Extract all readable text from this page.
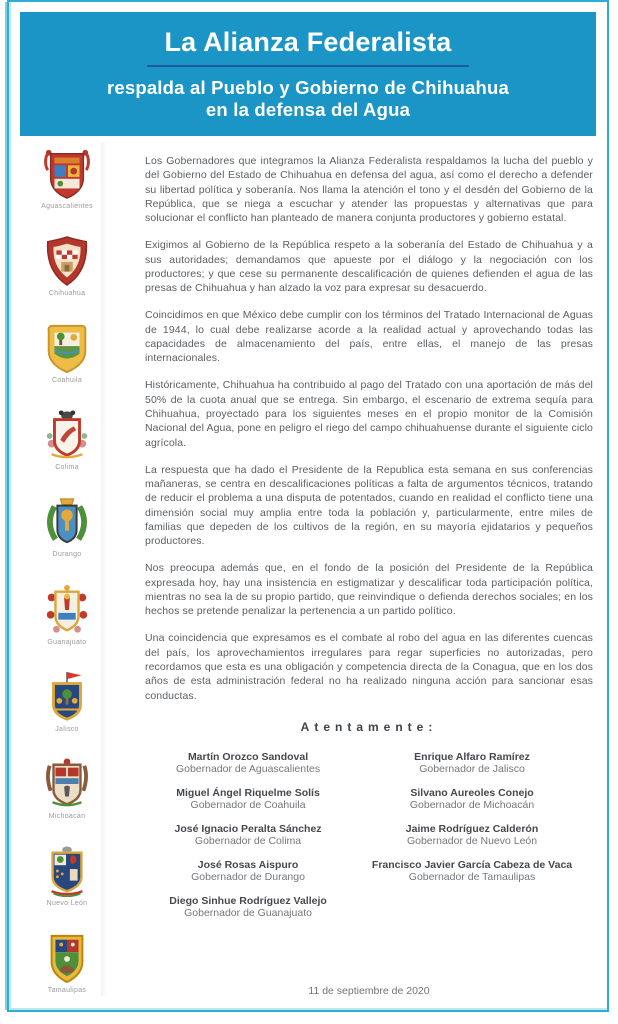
La Alianza Federalista
respalda al Pueblo y Gobierno de Chihuahua
en la defensa del Agua
Aguascalientes
Chihuahua
Coahuila
Colima
Durango
Guanajuato
Jalisco
Michoacán
Nuevo León
Tamaulipas

Los Gobernadores que integramos la Alianza Federalista respaldamos la lucha del pueblo y del Gobierno del Estado de Chihuahua en defensa del agua, así como el derecho a defender su libertad política y soberanía. Nos llama la atención el tono y el desdén del Gobierno de la República, que se niega a escuchar y atender las propuestas y alternativas que para solucionar el conflicto han planteado de manera conjunta productores y gobierno estatal.

Exigimos al Gobierno de la República respeto a la soberanía del Estado de Chihuahua y a sus autoridades; demandamos que apueste por el diálogo y la negociación con los productores; y que cese su permanente descalificación de quienes defienden el agua de las presas de Chihuahua y han alzado la voz para expresar su desacuerdo.

Coincidimos en que México debe cumplir con los términos del Tratado Internacional de Aguas de 1944, lo cual debe realizarse acorde a la realidad actual y aprovechando todas las capacidades de almacenamiento del país, entre ellas, el manejo de las presas internacionales.

Históricamente, Chihuahua ha contribuido al pago del Tratado con una aportación de más del 50% de la cuota anual que se entrega. Sin embargo, el escenario de extrema sequía para Chihuahua, proyectado para los siguientes meses en el propio monitor de la Comisión Nacional del Agua, pone en peligro el riego del campo chihuahuense durante el siguiente ciclo agrícola.

La respuesta que ha dado el Presidente de la Republica esta semana en sus conferencias mañaneras, se centra en descalificaciones políticas a falta de argumentos técnicos, tratando de reducir el problema a una disputa de potentados, cuando en realidad el conflicto tiene una dimensión social muy amplia entre toda la población y, particularmente, entre miles de familias que depeden de los cultivos de la región, en su mayoría ejidatarios y pequeños productores.

Nos preocupa además que, en el fondo de la posición del Presidente de la República expresada hoy, hay una insistencia en estigmatizar y descalificar toda participación política, mientras no sea la de su propio partido, que reinvindique o defienda derechos sociales; en los hechos se pretende penalizar la pertenencia a un partido político.

Una coincidencia que expresamos es el combate al robo del agua en las diferentes cuencas del país, los aprovechamientos irregulares para regar superficies no autorizadas, pero recordamos que esta es una obligación y competencia directa de la Conagua, que en los dos años de esta administración federal no ha realizado ninguna acción para sancionar esas conductas.

Atentamente:
Martín Orozco Sandoval
Gobernador de Aguascalientes
Miguel Ángel Riquelme Solís
Gobernador de Coahuila
José Ignacio Peralta Sánchez
Gobernador de Colima
José Rosas Aispuro
Gobernador de Durango
Diego Sinhue Rodríguez Vallejo
Gobernador de Guanajuato
Enrique Alfaro Ramírez
Gobernador de Jalisco
Silvano Aureoles Conejo
Gobernador de Michoacán
Jaime Rodríguez Calderón
Gobernador de Nuevo León
Francisco Javier García Cabeza de Vaca
Gobernador de Tamaulipas
11 de septiembre de 2020
